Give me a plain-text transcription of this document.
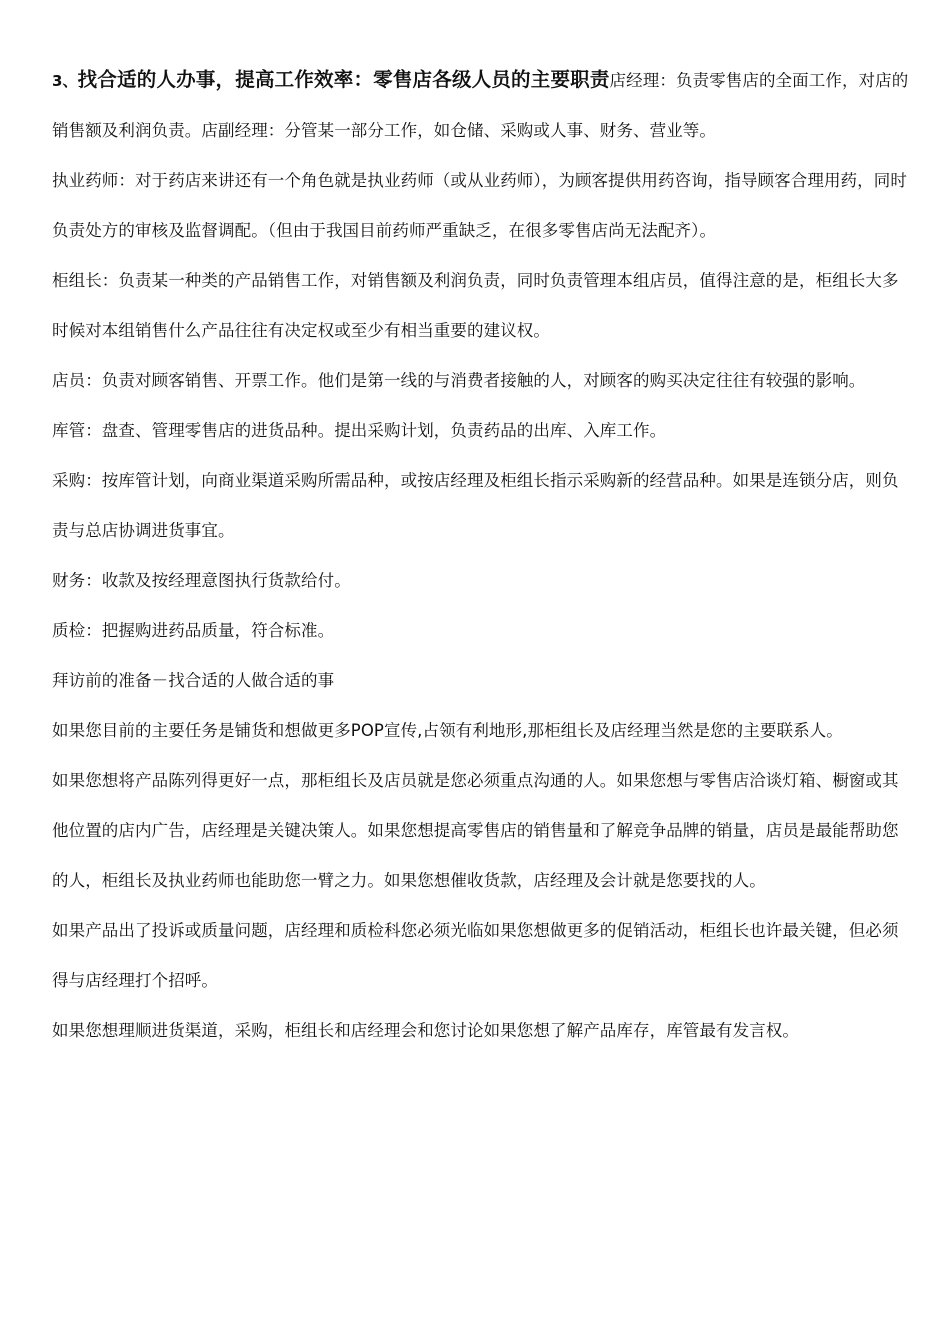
3、找合适的人办事，提高工作效率：零售店各级人员的主要职责店经理：负责零售店的全面工作，对店的销售额及利润负责。店副经理：分管某一部分工作，如仓储、采购或人事、财务、营业等。

执业药师：对于药店来讲还有一个角色就是执业药师（或从业药师），为顾客提供用药咨询，指导顾客合理用药，同时负责处方的审核及监督调配。（但由于我国目前药师严重缺乏，在很多零售店尚无法配齐）。

柜组长：负责某一种类的产品销售工作，对销售额及利润负责，同时负责管理本组店员，值得注意的是，柜组长大多时候对本组销售什么产品往往有决定权或至少有相当重要的建议权。

店员：负责对顾客销售、开票工作。他们是第一线的与消费者接触的人，对顾客的购买决定往往有较强的影响。

库管：盘查、管理零售店的进货品种。提出采购计划，负责药品的出库、入库工作。

采购：按库管计划，向商业渠道采购所需品种，或按店经理及柜组长指示采购新的经营品种。如果是连锁分店，则负责与总店协调进货事宜。

财务：收款及按经理意图执行货款给付。

质检：把握购进药品质量，符合标准。

拜访前的准备－找合适的人做合适的事

如果您目前的主要任务是铺货和想做更多POP宣传,占领有利地形,那柜组长及店经理当然是您的主要联系人。

如果您想将产品陈列得更好一点，那柜组长及店员就是您必须重点沟通的人。如果您想与零售店洽谈灯箱、橱窗或其他位置的店内广告，店经理是关键决策人。如果您想提高零售店的销售量和了解竞争品牌的销量，店员是最能帮助您的人，柜组长及执业药师也能助您一臂之力。如果您想催收货款，店经理及会计就是您要找的人。

如果产品出了投诉或质量问题，店经理和质检科您必须光临如果您想做更多的促销活动，柜组长也许最关键，但必须得与店经理打个招呼。

如果您想理顺进货渠道，采购，柜组长和店经理会和您讨论如果您想了解产品库存，库管最有发言权。
